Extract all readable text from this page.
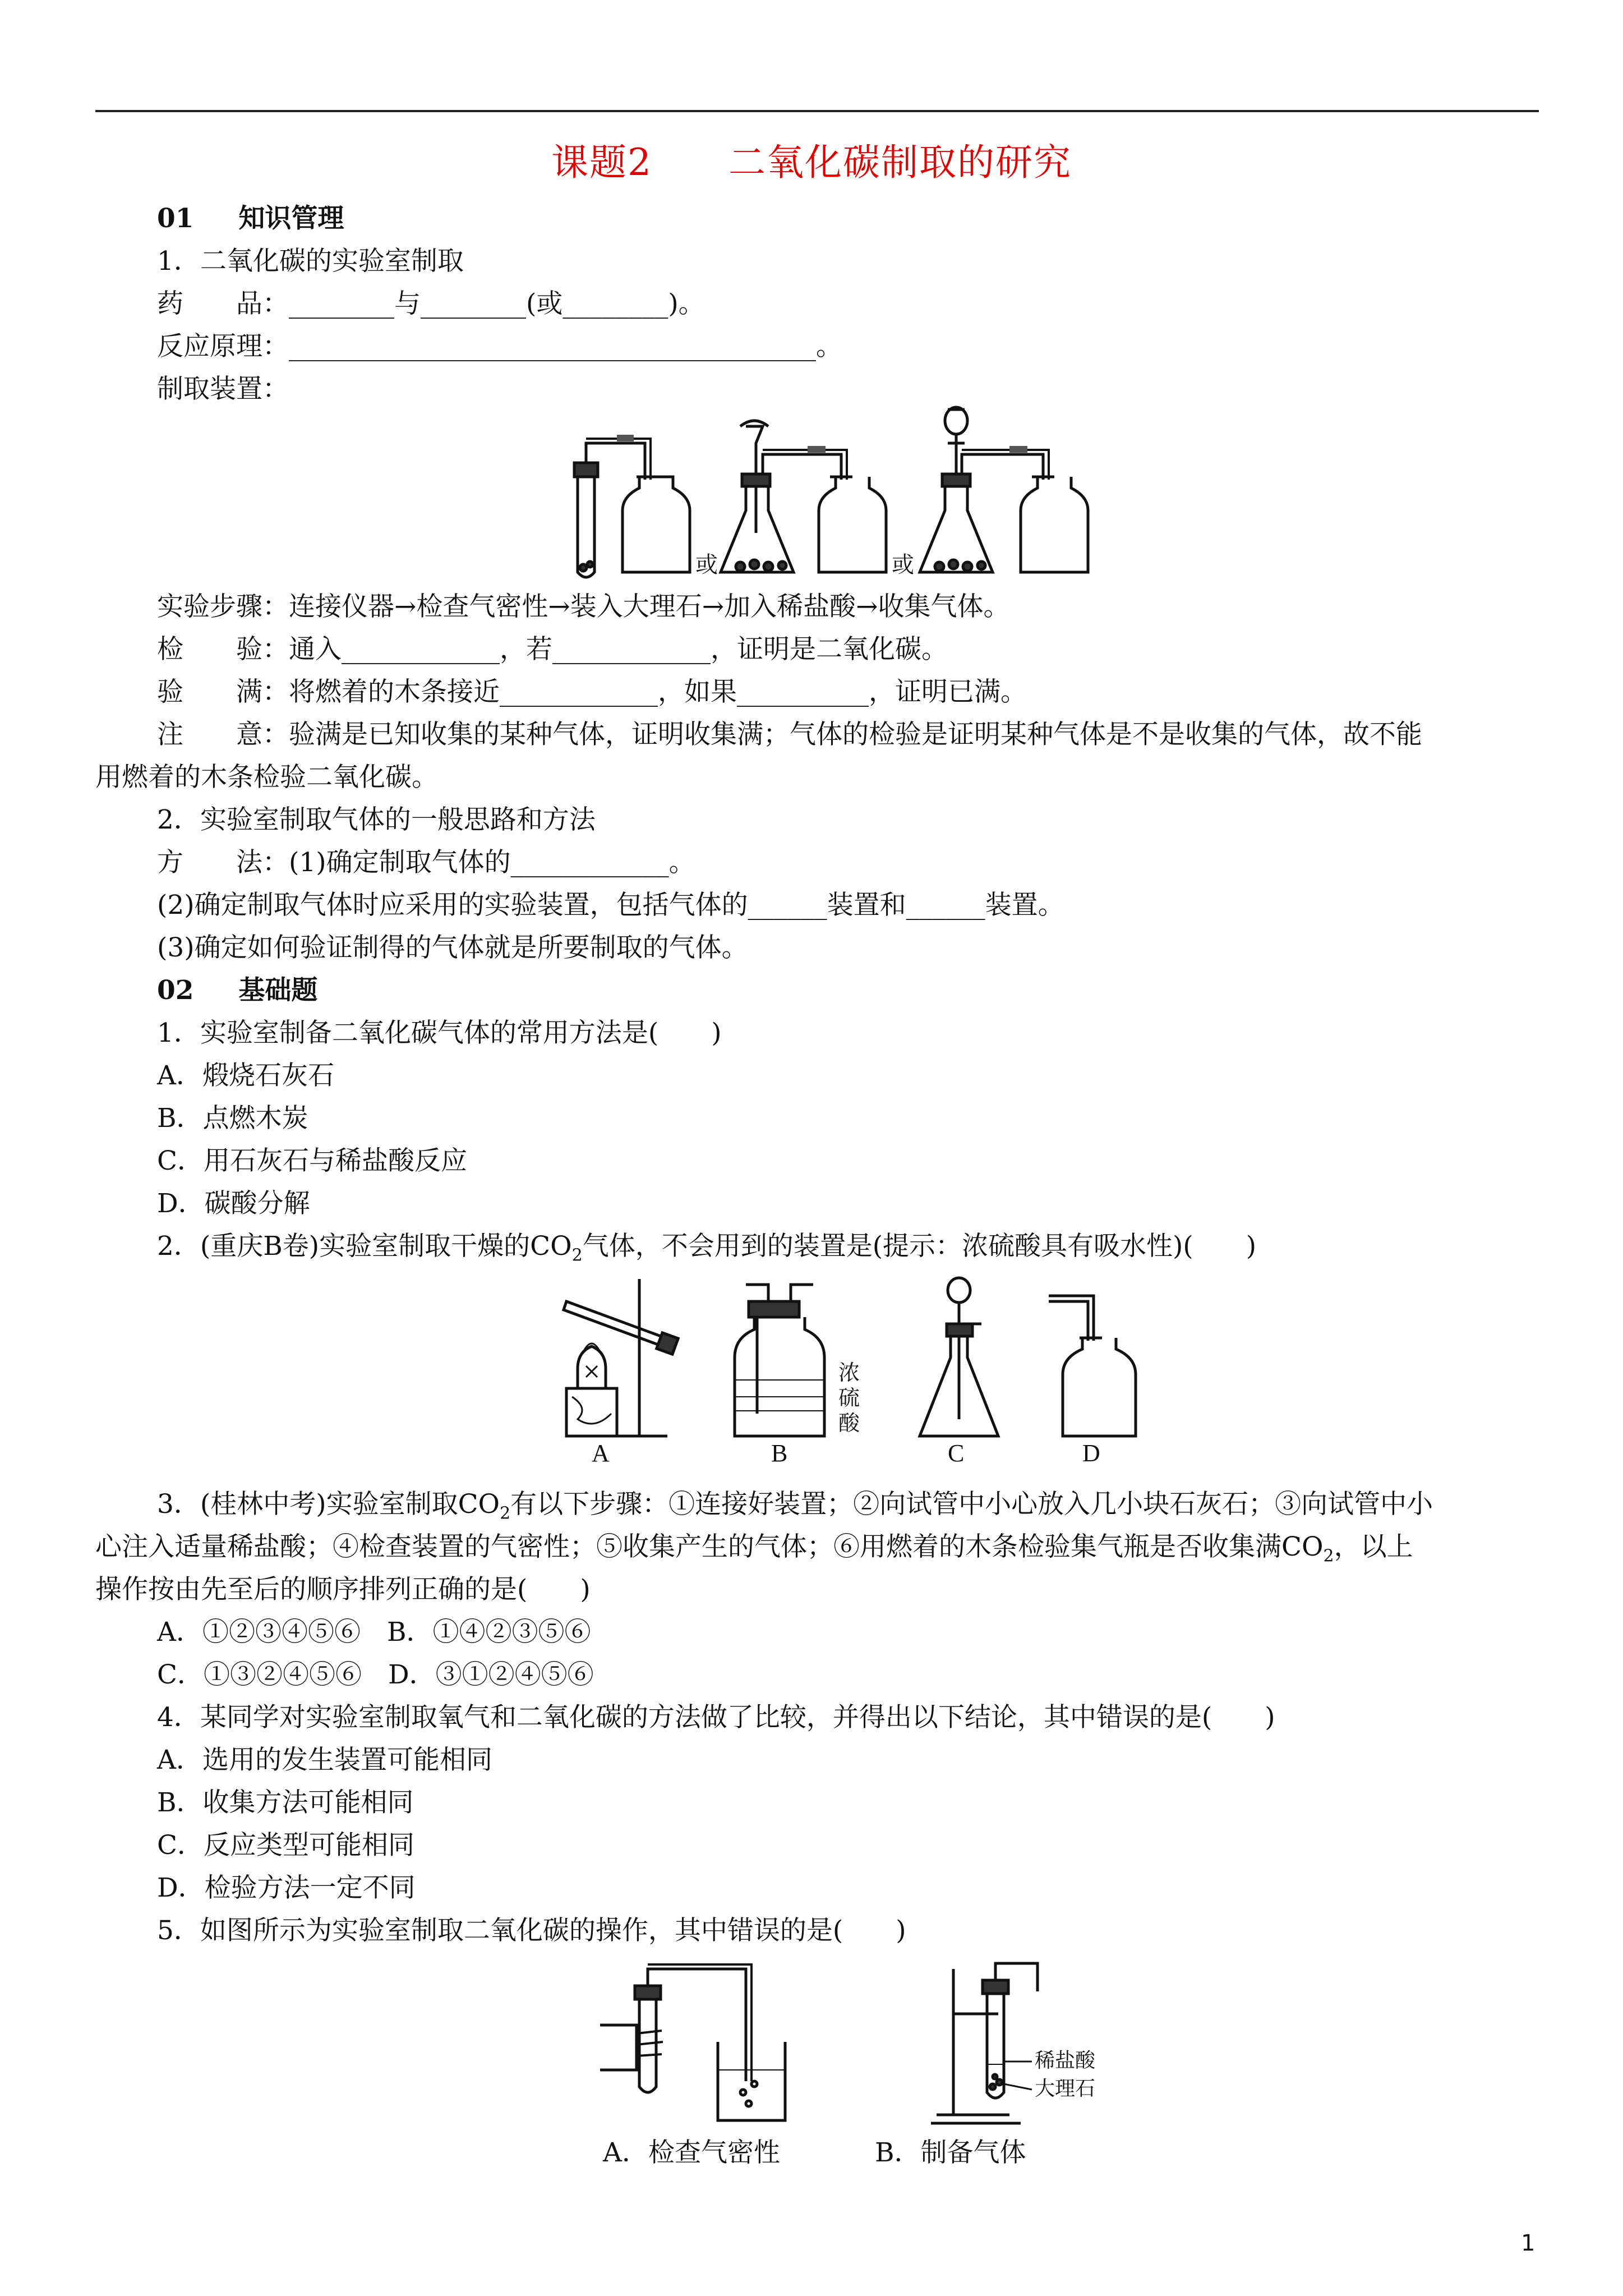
课题2　　二氧化碳制取的研究
01 知识管理
1．二氧化碳的实验室制取
药　　品：________与________(或________)。
反应原理：________________________________________。
制取装置：
或	或
实验步骤：连接仪器→检查气密性→装入大理石→加入稀盐酸→收集气体。
检　　验：通入____________，若____________，证明是二氧化碳。
验　　满：将燃着的木条接近____________，如果__________，证明已满。
注　　意：验满是已知收集的某种气体，证明收集满；气体的检验是证明某种气体是不是收集的气体，故不能
用燃着的木条检验二氧化碳。
2．实验室制取气体的一般思路和方法
方　　法：(1)确定制取气体的____________。
(2)确定制取气体时应采用的实验装置，包括气体的______装置和______装置。
(3)确定如何验证制得的气体就是所要制取的气体。
02 基础题
1．实验室制备二氧化碳气体的常用方法是(　　)
A．煅烧石灰石
B．点燃木炭
C．用石灰石与稀盐酸反应
D．碳酸分解
2．(重庆B卷)实验室制取干燥的$CO_2$气体，不会用到的装置是(提示：浓硫酸具有吸水性)(　　)
A	B
浓
硫
酸
C	D
3．(桂林中考)实验室制取$CO_2$有以下步骤：①连接好装置；②向试管中小心放入几小块石灰石；③向试管中小
心注入适量稀盐酸；④检查装置的气密性；⑤收集产生的气体；⑥用燃着的木条检验集气瓶是否收集满$CO_2$，以上
操作按由先至后的顺序排列正确的是(　　)
A．①②③④⑤⑥　B．①④②③⑤⑥
C．①③②④⑤⑥　D．③①②④⑤⑥
4．某同学对实验室制取氧气和二氧化碳的方法做了比较，并得出以下结论，其中错误的是(　　)
A．选用的发生装置可能相同
B．收集方法可能相同
C．反应类型可能相同
D．检验方法一定不同
5．如图所示为实验室制取二氧化碳的操作，其中错误的是(　　)
稀盐酸
大理石
A．检查气密性	B．制备气体
1
